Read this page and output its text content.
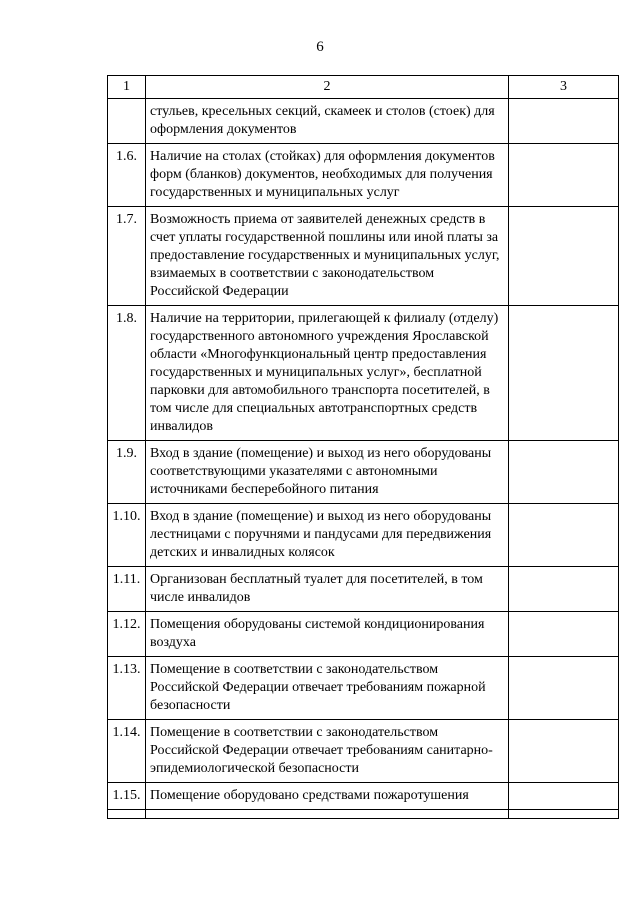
6
1	2	3
	стульев, кресельных секций, скамеек и столов (стоек) для оформления документов	
1.6.	Наличие на столах (стойках) для оформления документов форм (бланков) документов, необходимых для получения государственных и муниципальных услуг	
1.7.	Возможность приема от заявителей денежных средств в счет уплаты государственной пошлины или иной платы за предоставление государственных и муниципальных услуг, взимаемых в соответствии с законодательством Российской Федерации	
1.8.	Наличие на территории, прилегающей к филиалу (отделу) государственного автономного учреждения Ярославской области «Многофункциональный центр предоставления государственных и муниципальных услуг», бесплатной парковки для автомобильного транспорта посетителей, в том числе для специальных автотранспортных средств инвалидов	
1.9.	Вход в здание (помещение) и выход из него оборудованы соответствующими указателями с автономными источниками бесперебойного питания	
1.10.	Вход в здание (помещение) и выход из него оборудованы лестницами с поручнями и пандусами для передвижения детских и инвалидных колясок	
1.11.	Организован бесплатный туалет для посетителей, в том числе инвалидов	
1.12.	Помещения оборудованы системой кондиционирования воздуха	
1.13.	Помещение в соответствии с законодательством Российской Федерации отвечает требованиям пожарной безопасности	
1.14.	Помещение в соответствии с законодательством Российской Федерации отвечает требованиям санитарно-эпидемиологической безопасности	
1.15.	Помещение оборудовано средствами пожаротушения	
